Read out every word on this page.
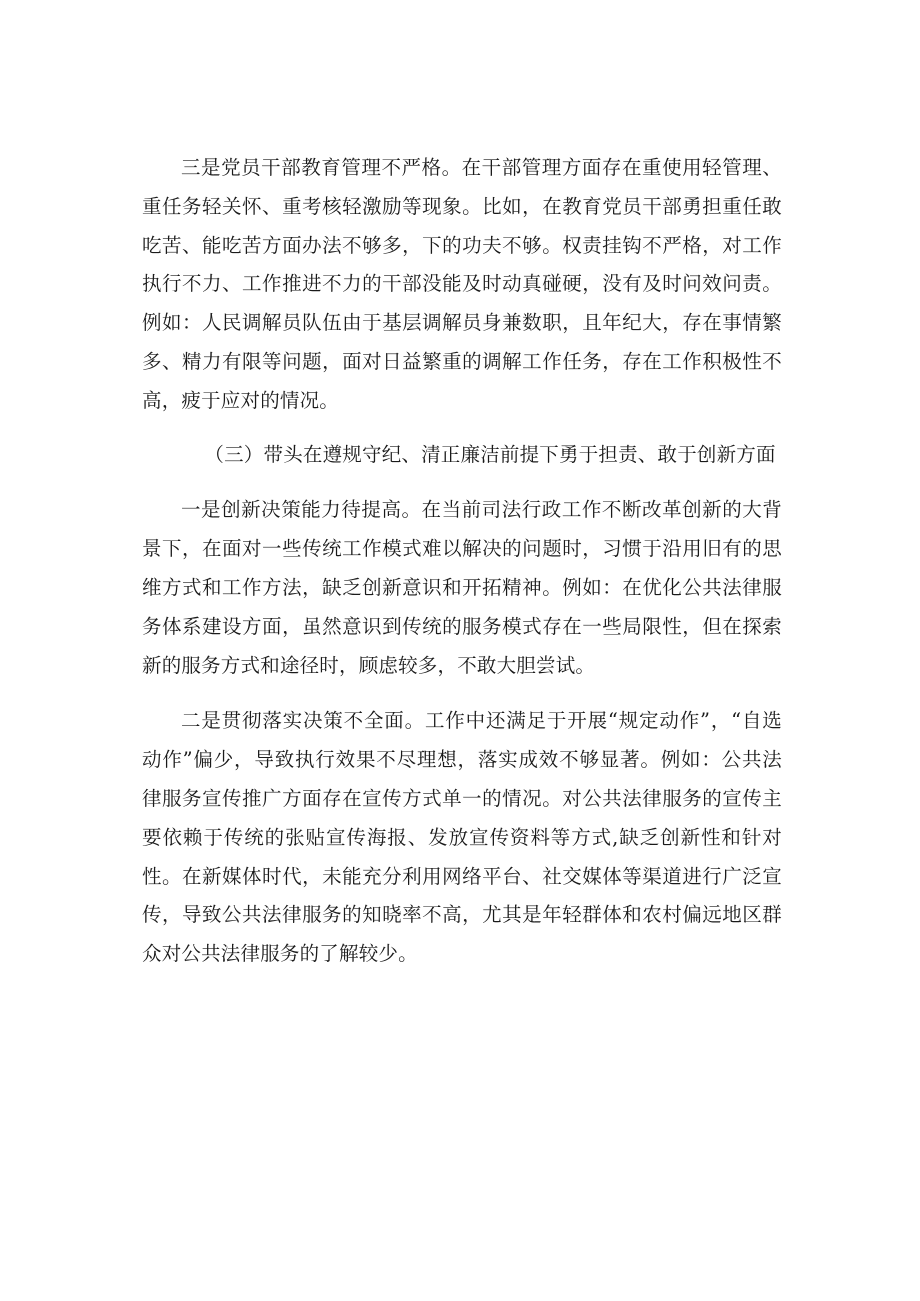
三是党员干部教育管理不严格。在干部管理方面存在重使用轻管理、重任务轻关怀、重考核轻激励等现象。比如，在教育党员干部勇担重任敢吃苦、能吃苦方面办法不够多，下的功夫不够。权责挂钩不严格，对工作执行不力、工作推进不力的干部没能及时动真碰硬，没有及时问效问责。例如：人民调解员队伍由于基层调解员身兼数职，且年纪大，存在事情繁多、精力有限等问题，面对日益繁重的调解工作任务，存在工作积极性不高，疲于应对的情况。

（三）带头在遵规守纪、清正廉洁前提下勇于担责、敢于创新方面

一是创新决策能力待提高。在当前司法行政工作不断改革创新的大背景下，在面对一些传统工作模式难以解决的问题时，习惯于沿用旧有的思维方式和工作方法，缺乏创新意识和开拓精神。例如：在优化公共法律服务体系建设方面，虽然意识到传统的服务模式存在一些局限性，但在探索新的服务方式和途径时，顾虑较多，不敢大胆尝试。

二是贯彻落实决策不全面。工作中还满足于开展“规定动作”，“自选动作”偏少，导致执行效果不尽理想，落实成效不够显著。例如：公共法律服务宣传推广方面存在宣传方式单一的情况。对公共法律服务的宣传主要依赖于传统的张贴宣传海报、发放宣传资料等方式,缺乏创新性和针对性。在新媒体时代，未能充分利用网络平台、社交媒体等渠道进行广泛宣传，导致公共法律服务的知晓率不高，尤其是年轻群体和农村偏远地区群众对公共法律服务的了解较少。
